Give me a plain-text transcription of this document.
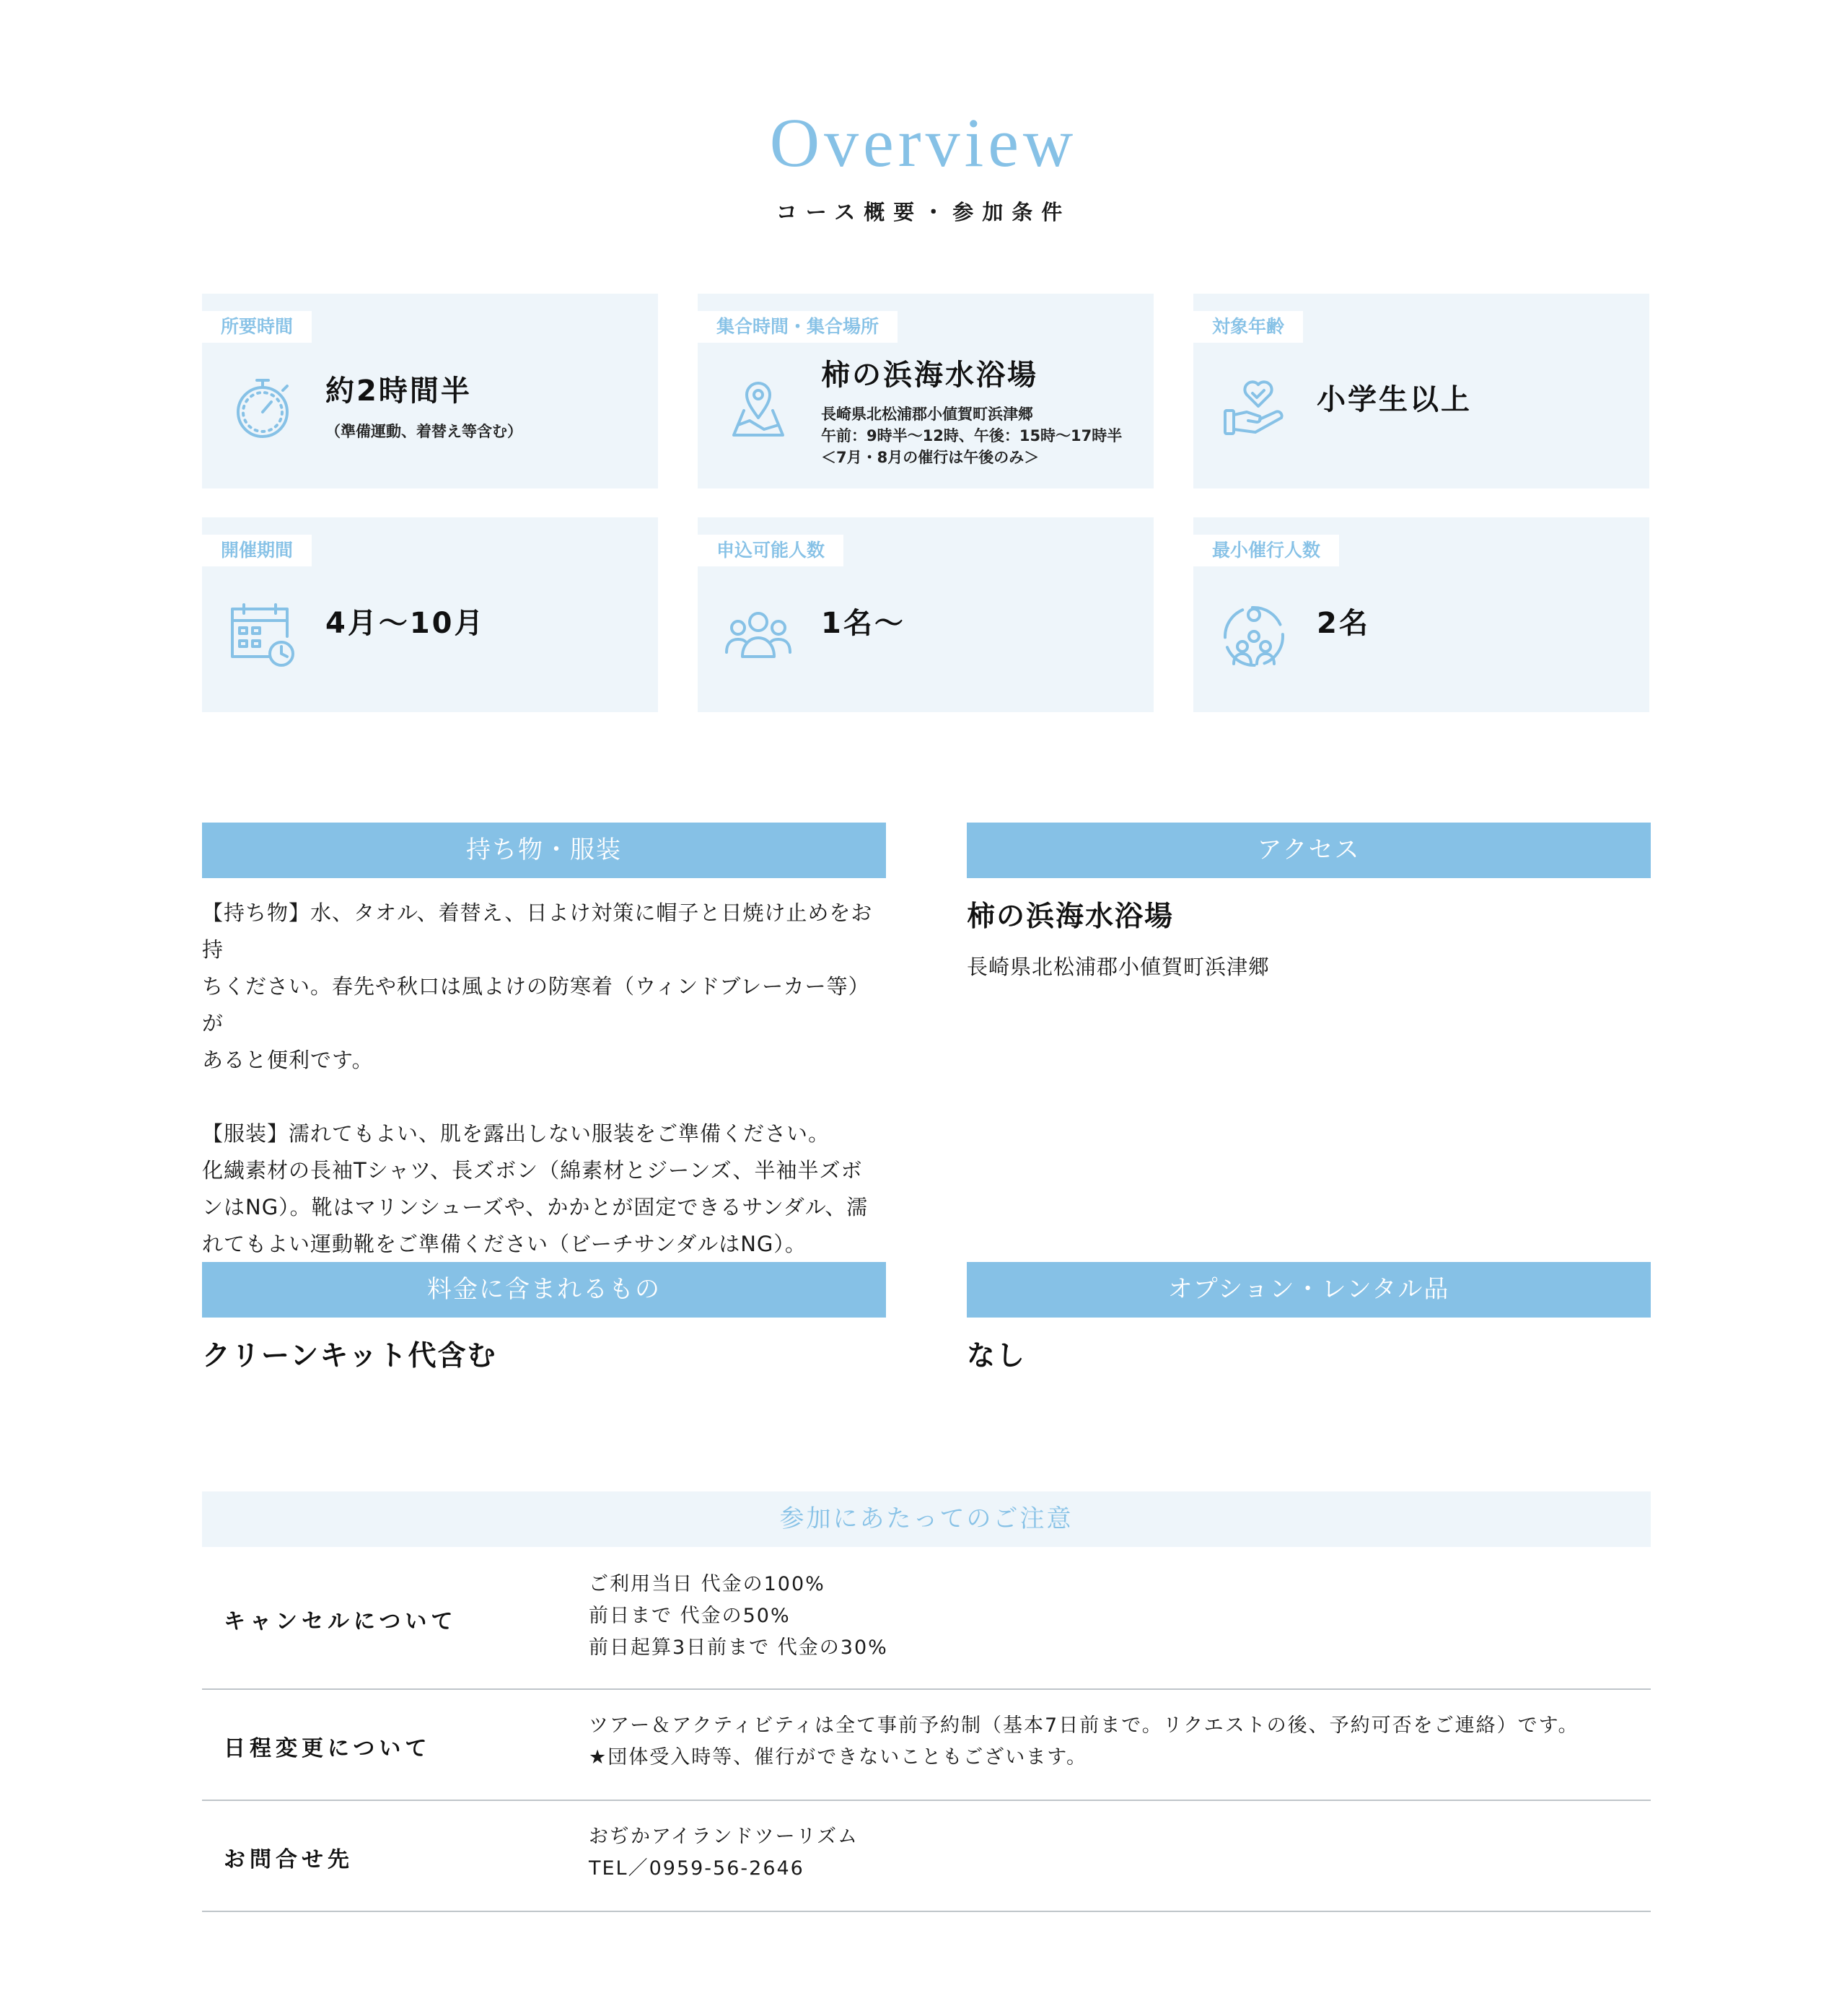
Overview
コース概要・参加条件
所要時間
約2時間半
（準備運動、着替え等含む）
集合時間・集合場所
柿の浜海水浴場
長崎県北松浦郡小値賀町浜津郷
午前：9時半〜12時、午後：15時〜17時半
＜7月・8月の催行は午後のみ＞
対象年齢
小学生以上
開催期間
4月〜10月
申込可能人数
1名〜
最小催行人数
2名
持ち物・服装
【持ち物】水、タオル、着替え、日よけ対策に帽子と日焼け止めをお持
ちください。春先や秋口は風よけの防寒着（ウィンドブレーカー等）が
あると便利です。
【服装】濡れてもよい、肌を露出しない服装をご準備ください。
化繊素材の長袖Tシャツ、長ズボン（綿素材とジーンズ、半袖半ズボ
ンはNG）。靴はマリンシューズや、かかとが固定できるサンダル、濡
れてもよい運動靴をご準備ください（ビーチサンダルはNG）。
アクセス
柿の浜海水浴場
長崎県北松浦郡小値賀町浜津郷
料金に含まれるもの
クリーンキット代含む
オプション・レンタル品
なし
参加にあたってのご注意
キャンセルについて
ご利用当日 代金の100%
前日まで 代金の50%
前日起算3日前まで 代金の30%
日程変更について
ツアー＆アクティビティは全て事前予約制（基本7日前まで。リクエストの後、予約可否をご連絡）です。
★団体受入時等、催行ができないこともございます。
お問合せ先
おぢかアイランドツーリズム
TEL／0959-56-2646
